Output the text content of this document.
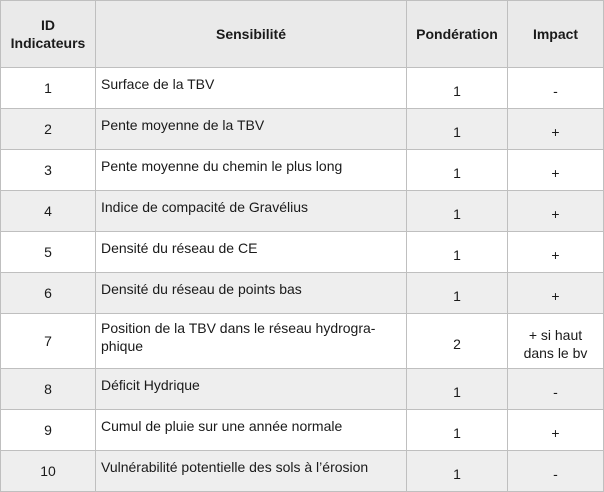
ID Indicateurs	Sensibilité	Pondération	Impact
1	Surface de la TBV	1	-
2	Pente moyenne de la TBV	1	+
3	Pente moyenne du chemin le plus long	1	+
4	Indice de compacité de Gravélius	1	+
5	Densité du réseau de CE	1	+
6	Densité du réseau de points bas	1	+
7	Position de la TBV dans le réseau hydrogra-phique	2	+ si haut dans le bv
8	Déficit Hydrique	1	-
9	Cumul de pluie sur une année normale	1	+
10	Vulnérabilité potentielle des sols à l’érosion	1	-
